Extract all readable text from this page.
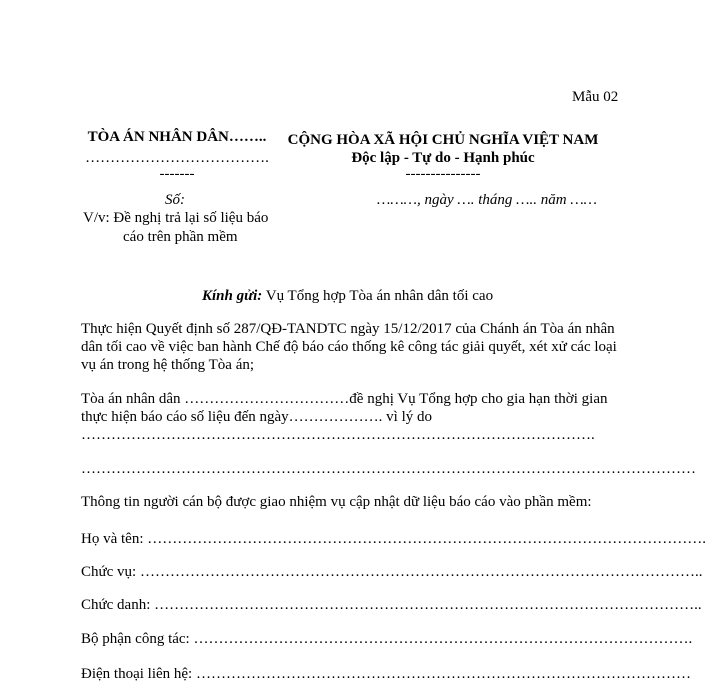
Mẫu 02
TÒA ÁN NHÂN DÂN……..
……………………………….
-------
Số:
V/v: Đề nghị trả lại số liệu báo
cáo trên phần mềm
CỘNG HÒA XÃ HỘI CHỦ NGHĨA VIỆT NAM
Độc lập - Tự do - Hạnh phúc
---------------
………, ngày …. tháng ….. năm ……
Kính gửi: Vụ Tổng hợp Tòa án nhân dân tối cao
Thực hiện Quyết định số 287/QĐ-TANDTC ngày 15/12/2017 của Chánh án Tòa án nhân
dân tối cao về việc ban hành Chế độ báo cáo thống kê công tác giải quyết, xét xử các loại
vụ án trong hệ thống Tòa án;
Tòa án nhân dân ……………………………đề nghị Vụ Tổng hợp cho gia hạn thời gian
thực hiện báo cáo số liệu đến ngày………………. vì lý do
………………………………………………………………………………………….
……………………………………………………………………………………………………………
Thông tin người cán bộ được giao nhiệm vụ cập nhật dữ liệu báo cáo vào phần mềm:
Họ và tên: ………………………………………………………………………………………………….
Chức vụ: …………………………………………………………………………………………………..
Chức danh: ………………………………………………………………………………………………..
Bộ phận công tác: ……………………………………………………………………………………….
Điện thoại liên hệ: ………………………………………………………………………………………
